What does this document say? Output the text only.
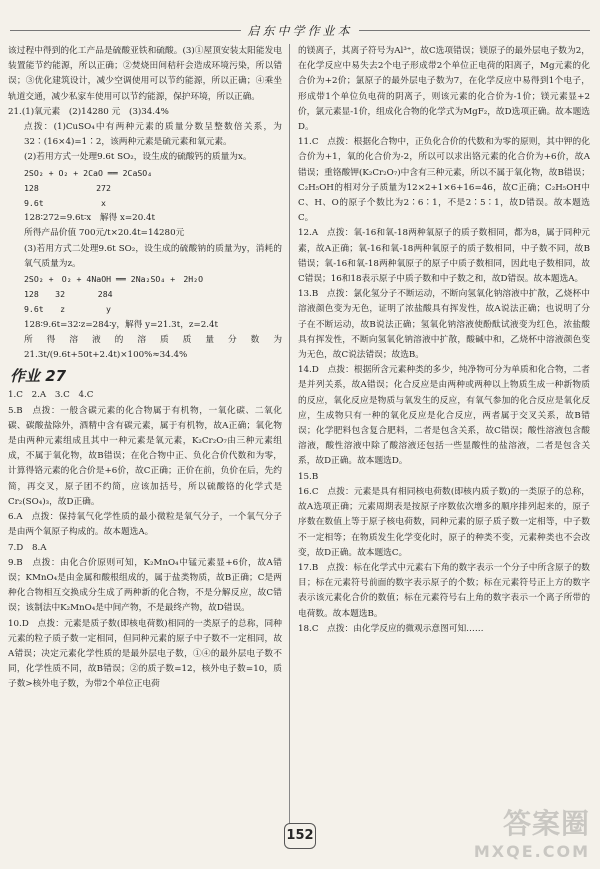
启东中学作业本

该过程中得到的化工产品是硫酸亚铁和硫酸。(3)①屋顶安装太阳能发电装置能节约能源，所以正确；②焚烧田间秸秆会造成环境污染，所以错误；③优化建筑设计，减少空调使用可以节约能源，所以正确；④乘坐轨道交通，减少私家车使用可以节约能源，保护环境，所以正确。

21.(1)氧元素　(2)14280 元　(3)34.4%

点拨：(1)CuSO₄中有两种元素的质量分数呈整数倍关系，为32∶(16×4)=1∶2，该两种元素是硫元素和氧元素。

(2)若用方式一处理9.6t SO₂，设生成的硫酸钙的质量为x。

2SO₂ + O₂ + 2CaO ══ 2CaSO₄

128　　　　　　　272

9.6t　　　　　　　x

128∶272=9.6t∶x　解得 x=20.4t

所得产品价值 700元/t×20.4t=14280元

(3)若用方式二处理9.6t SO₂，设生成的硫酸钠的质量为y，消耗的氧气质量为z。

2SO₂ +　O₂ + 4NaOH ══ 2Na₂SO₄ +　2H₂O

128　　32　　　　284

9.6t　　z　　　　　y

128∶9.6t=32∶z=284∶y，解得 y=21.3t，z=2.4t

所得溶液的溶质质量分数为 21.3t/(9.6t+50t+2.4t)×100%≈34.4%

作业 27

1.C　2.A　3.C　4.C

5.B　点拨：一般含碳元素的化合物属于有机物，一氧化碳、二氧化碳、碳酸盐除外，酒精中含有碳元素，属于有机物，故A正确；氧化物是由两种元素组成且其中一种元素是氧元素，K₂Cr₂O₇由三种元素组成，不属于氧化物，故B错误；在化合物中正、负化合价代数和为零，计算得铬元素的化合价是+6价，故C正确；正价在前，负价在后，先约简，再交叉，原子团不约简，应该加括号，所以硫酸铬的化学式是Cr₂(SO₄)₃，故D正确。

6.A　点拨：保持氧气化学性质的最小微粒是氧气分子，一个氧气分子是由两个氧原子构成的。故本题选A。

7.D　8.A

9.B　点拨：由化合价原则可知，K₂MnO₄中锰元素显+6价，故A错误；KMnO₄是由金属和酸根组成的，属于盐类物质，故B正确；C是两种化合物相互交换成分生成了两种新的化合物，不是分解反应，故C错误；该制法中K₂MnO₄是中间产物，不是最终产物，故D错误。

10.D　点拨：元素是质子数(即核电荷数)相同的一类原子的总称，同种元素的粒子质子数一定相同，但同种元素的原子中子数不一定相同，故A错误；决定元素化学性质的是最外层电子数，①④的最外层电子数不同，化学性质不同，故B错误；②的质子数=12，核外电子数=10，质子数>核外电子数，为带2个单位正电荷

的镁离子，其离子符号为Al³⁺，故C选项错误；镁原子的最外层电子数为2，在化学反应中易失去2个电子形成带2个单位正电荷的阳离子，Mg元素的化合价为+2价；氯原子的最外层电子数为7，在化学反应中易得到1个电子，形成带1个单位负电荷的阴离子，则该元素的化合价为-1价；镁元素显+2价，氯元素显-1价，组成化合物的化学式为MgF₂，故D选项正确。故本题选D。

11.C　点拨：根据化合物中，正负化合价的代数和为零的原则，其中钾的化合价为+1，氧的化合价为-2，所以可以求出铬元素的化合价为+6价，故A错误；重铬酸钾(K₂Cr₂O₇)中含有三种元素，所以不属于氧化物，故B错误；C₂H₅OH的相对分子质量为12×2+1×6+16=46，故C正确；C₂H₅OH中C、H、O的原子个数比为2∶6∶1，不是2∶5∶1，故D错误。故本题选C。

12.A　点拨：氧-16和氧-18两种氧原子的质子数相同，都为8，属于同种元素，故A正确；氧-16和氧-18两种氧原子的质子数相同，中子数不同，故B错误；氧-16和氧-18两种氧原子的原子中质子数相同，因此电子数相同，故C错误；16和18表示原子中质子数和中子数之和，故D错误。故本题选A。

13.B　点拨：氯化氢分子不断运动，不断向氢氧化钠溶液中扩散，乙烧杯中溶液颜色变为无色，证明了浓盐酸具有挥发性，故A说法正确；也说明了分子在不断运动，故B说法正确；氢氧化钠溶液使酚酞试液变为红色，浓盐酸具有挥发性，不断向氢氧化钠溶液中扩散，酸碱中和，乙烧杯中溶液颜色变为无色，故C说法错误；故选B。

14.D　点拨：根据所含元素种类的多少，纯净物可分为单质和化合物，二者是并列关系，故A错误；化合反应是由两种或两种以上物质生成一种新物质的反应，氧化反应是物质与氧发生的反应，有氧气参加的化合反应是氧化反应，生成物只有一种的氧化反应是化合反应，两者属于交叉关系，故B错误；化学肥料包含复合肥料，二者是包含关系，故C错误；酸性溶液包含酸溶液，酸性溶液中除了酸溶液还包括一些显酸性的盐溶液，二者是包含关系，故D正确。故本题选D。

15.B

16.C　点拨：元素是具有相同核电荷数(即核内质子数)的一类原子的总称，故A选项正确；元素周期表是按原子序数依次增多的顺序排列起来的，原子序数在数值上等于原子核电荷数，同种元素的原子质子数一定相等，中子数不一定相等；在物质发生化学变化时，原子的种类不变，元素种类也不会改变，故D正确。故本题选C。

17.B　点拨：标在化学式中元素右下角的数字表示一个分子中所含原子的数目；标在元素符号前面的数字表示原子的个数；标在元素符号正上方的数字表示该元素化合价的数值；标在元素符号右上角的数字表示一个离子所带的电荷数。故本题选B。

18.C　点拨：由化学反应的微观示意图可知……

152	答案圈
MXQE.COM
